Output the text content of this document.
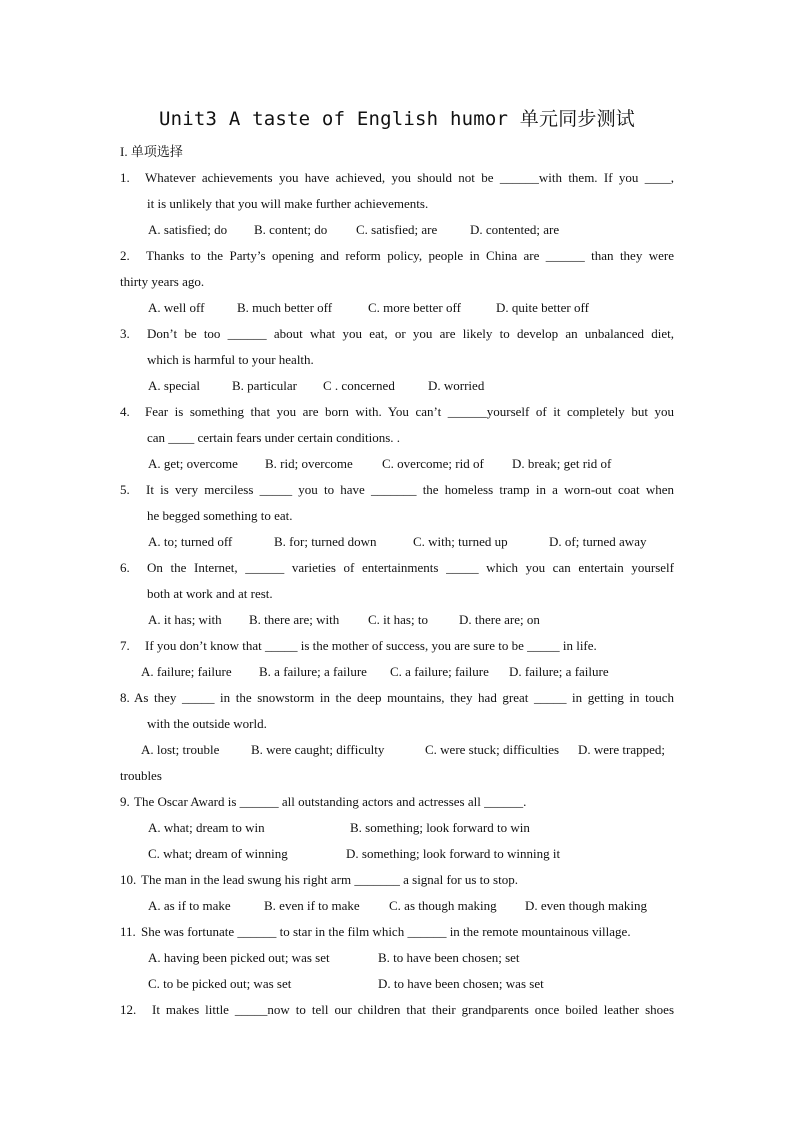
Unit3 A taste of English humor 单元同步测试
I. 单项选择
1. Whatever achievements you have achieved, you should not be ______with them. If you ____,
it is unlikely that you will make further achievements.
A. satisfied; do B. content; do C. satisfied; are	D. contented; are
2. Thanks to the Party’s opening and reform policy, people in China are ______ than they were
thirty years ago.
A. well off	B. much better off	C. more better off	D. quite better off
3. Don’t be too ______ about what you eat, or you are likely to develop an unbalanced diet,
which is harmful to your health.
A. special B. particular C . concerned	D. worried
4. Fear is something that you are born with. You can’t ______yourself of it completely but you
can ____ certain fears under certain conditions. .
A. get; overcome B. rid; overcome C. overcome; rid of D. break; get rid of
5. It is very merciless _____ you to have _______ the homeless tramp in a worn-out coat when
he begged something to eat.
A. to; turned off	B. for; turned down	C. with; turned up	D. of; turned away
6. On the Internet, ______ varieties of entertainments _____ which you can entertain yourself
both at work and at rest.
A. it has; with B. there are; with C. it has; to D. there are; on
7. If you don’t know that _____ is the mother of success, you are sure to be _____ in life.
A. failure; failure B. a failure; a failure C. a failure; failure D. failure; a failure
8. As they _____ in the snowstorm in the deep mountains, they had great _____ in getting in touch
with the outside world.
A. lost; trouble B. were caught; difficulty	C. were stuck; difficulties D. were trapped;
troubles
9. The Oscar Award is ______ all outstanding actors and actresses all ______.
A. what; dream to win	B. something; look forward to win
C. what; dream of winning	D. something; look forward to winning it
10. The man in the lead swung his right arm _______ a signal for us to stop.
A. as if to make	B. even if to make C. as though making D. even though making
11. She was fortunate ______ to star in the film which ______ in the remote mountainous village.
A. having been picked out; was set	B. to have been chosen; set
C. to be picked out; was set	D. to have been chosen; was set
12. It makes little _____now to tell our children that their grandparents once boiled leather shoes
